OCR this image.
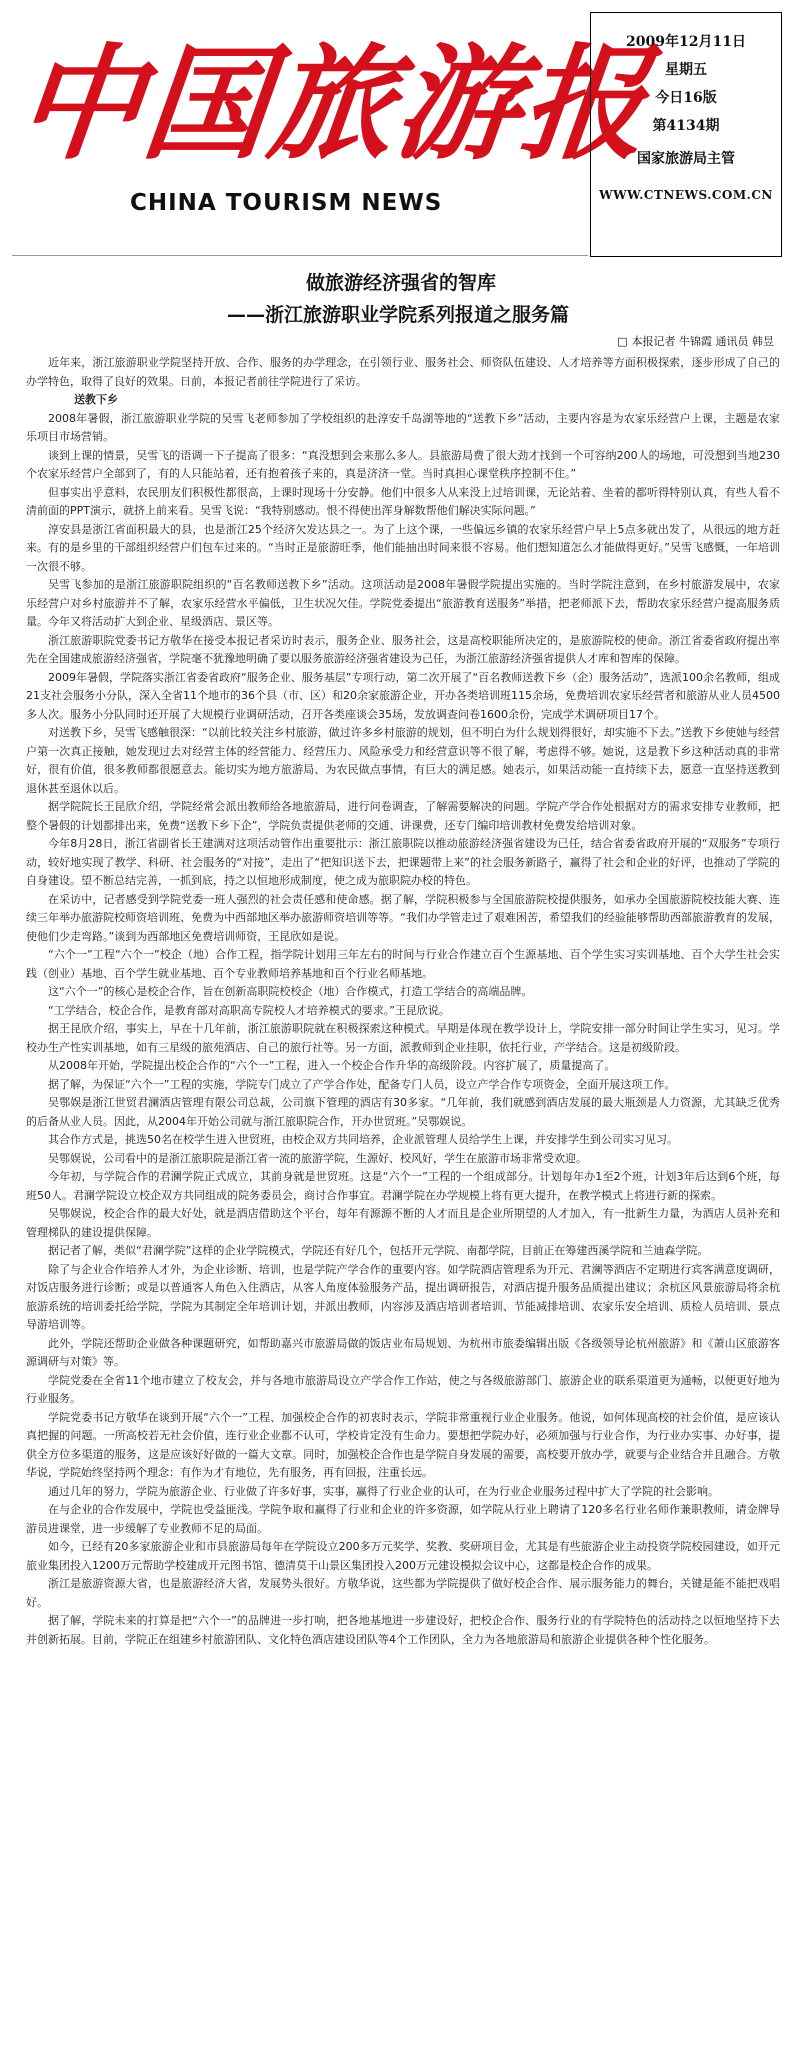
中国旅游报
CHINA TOURISM NEWS
2009年12月11日
星期五
今日16版
第4134期
国家旅游局主管
WWW.CTNEWS.COM.CN
做旅游经济强省的智库
——浙江旅游职业学院系列报道之服务篇
□ 本报记者 牛锦霞 通讯员 韩昱

近年来，浙江旅游职业学院坚持开放、合作、服务的办学理念，在引领行业、服务社会、师资队伍建设、人才培养等方面积极探索，逐步形成了自己的办学特色，取得了良好的效果。日前，本报记者前往学院进行了采访。

送教下乡

2008年暑假，浙江旅游职业学院的吴雪飞老师参加了学校组织的赴淳安千岛湖等地的“送教下乡”活动，主要内容是为农家乐经营户上课，主题是农家乐项目市场营销。

谈到上课的情景，吴雪飞的语调一下子提高了很多：“真没想到会来那么多人。县旅游局费了很大劲才找到一个可容纳200人的场地，可没想到当地230个农家乐经营户全部到了，有的人只能站着，还有抱着孩子来的，真是济济一堂。当时真担心课堂秩序控制不住。”

但事实出乎意料，农民朋友们积极性都很高，上课时现场十分安静。他们中很多人从来没上过培训课，无论站着、坐着的都听得特别认真，有些人看不清前面的PPT演示，就挤上前来看。吴雪飞说：“我特别感动。恨不得使出浑身解数帮他们解决实际问题。”

淳安县是浙江省面积最大的县，也是浙江25个经济欠发达县之一。为了上这个课，一些偏远乡镇的农家乐经营户早上5点多就出发了，从很远的地方赶来。有的是乡里的干部组织经营户们包车过来的。“当时正是旅游旺季，他们能抽出时间来很不容易。他们想知道怎么才能做得更好。”吴雪飞感慨，一年培训一次很不够。

吴雪飞参加的是浙江旅游职院组织的“百名教师送教下乡”活动。这项活动是2008年暑假学院提出实施的。当时学院注意到，在乡村旅游发展中，农家乐经营户对乡村旅游并不了解，农家乐经营水平偏低，卫生状况欠佳。学院党委提出“旅游教育送服务”举措，把老师派下去，帮助农家乐经营户提高服务质量。今年又将活动扩大到企业、星级酒店、景区等。

浙江旅游职院党委书记方敬华在接受本报记者采访时表示，服务企业、服务社会，这是高校职能所决定的，是旅游院校的使命。浙江省委省政府提出率先在全国建成旅游经济强省，学院毫不犹豫地明确了要以服务旅游经济强省建设为己任，为浙江旅游经济强省提供人才库和智库的保障。

2009年暑假，学院落实浙江省委省政府“服务企业、服务基层”专项行动，第二次开展了“百名教师送教下乡（企）服务活动”，选派100余名教师，组成21支社会服务小分队，深入全省11个地市的36个县（市、区）和20余家旅游企业，开办各类培训班115余场，免费培训农家乐经营者和旅游从业人员4500多人次。服务小分队同时还开展了大规模行业调研活动，召开各类座谈会35场，发放调查问卷1600余份，完成学术调研项目17个。

对送教下乡，吴雪飞感触很深：“以前比较关注乡村旅游，做过许多乡村旅游的规划，但不明白为什么规划得很好，却实施不下去。”送教下乡使她与经营户第一次真正接触，她发现过去对经营主体的经营能力、经营压力、风险承受力和经营意识等不很了解，考虑得不够。她说，这是教下乡这种活动真的非常好，很有价值，很多教师都很愿意去。能切实为地方旅游局、为农民做点事情，有巨大的满足感。她表示，如果活动能一直持续下去，愿意一直坚持送教到退休甚至退休以后。

据学院院长王昆欣介绍，学院经常会派出教师给各地旅游局，进行问卷调查，了解需要解决的问题。学院产学合作处根据对方的需求安排专业教师，把整个暑假的计划都排出来，免费“送教下乡下企”，学院负责提供老师的交通、讲课费，还专门编印培训教材免费发给培训对象。

今年8月28日，浙江省副省长王建满对这项活动管作出重要批示：浙江旅职院以推动旅游经济强省建设为已任，结合省委省政府开展的“双服务”专项行动，较好地实现了教学、科研、社会服务的“对接”，走出了“把知识送下去，把课题带上来”的社会服务新路子，赢得了社会和企业的好评，也推动了学院的自身建设。望不断总结完善，一抓到底，持之以恒地形成制度，使之成为旅职院办校的特色。

在采访中，记者感受到学院党委一班人强烈的社会责任感和使命感。据了解，学院积极参与全国旅游院校提供服务，如承办全国旅游院校技能大赛、连续三年举办旅游院校师资培训班、免费为中西部地区举办旅游师资培训等等。“我们办学管走过了艰难困苦，希望我们的经验能够帮助西部旅游教育的发展，使他们少走弯路。”谈到为西部地区免费培训师资，王昆欣如是说。

“六个一”工程“六个一”校企（地）合作工程，指学院计划用三年左右的时间与行业合作建立百个生源基地、百个学生实习实训基地、百个大学生社会实践（创业）基地、百个学生就业基地、百个专业教师培养基地和百个行业名师基地。

这“六个一”的核心是校企合作，旨在创新高职院校校企（地）合作模式，打造工学结合的高端品牌。

“工学结合，校企合作，是教育部对高职高专院校人才培养模式的要求。”王昆欣说。

据王昆欣介绍，事实上，早在十几年前，浙江旅游职院就在积极探索这种模式。早期是体现在教学设计上，学院安排一部分时间让学生实习，见习。学校办生产性实训基地，如有三星级的旅苑酒店、自己的旅行社等。另一方面，派教师到企业挂职，依托行业，产学结合。这是初级阶段。

从2008年开始，学院提出校企合作的“六个一”工程，进入一个校企合作升华的高级阶段。内容扩展了，质量提高了。

据了解，为保证“六个一”工程的实施，学院专门成立了产学合作处，配备专门人员，设立产学合作专项资金，全面开展这项工作。

吴鄂娱是浙江世贸君澜酒店管理有限公司总裁，公司旗下管理的酒店有30多家。“几年前，我们就感到酒店发展的最大瓶颈是人力资源，尤其缺乏优秀的后备从业人员。因此，从2004年开始公司就与浙江旅职院合作，开办世贸班。”吴鄂娱说。

其合作方式是，挑选50名在校学生进入世贸班，由校企双方共同培养，企业派管理人员给学生上课，并安排学生到公司实习见习。

吴鄂娱说，公司看中的是浙江旅职院是浙江省一流的旅游学院，生源好、校风好，学生在旅游市场非常受欢迎。

今年初，与学院合作的君澜学院正式成立，其前身就是世贸班。这是“六个一”工程的一个组成部分。计划每年办1至2个班，计划3年后达到6个班，每班50人。君澜学院设立校企双方共同组成的院务委员会，商讨合作事宜。君澜学院在办学规模上将有更大提升，在教学模式上将进行新的探索。

吴鄂娱说，校企合作的最大好处，就是酒店借助这个平台，每年有源源不断的人才而且是企业所期望的人才加入，有一批新生力量，为酒店人员补充和管理梯队的建设提供保障。

据记者了解，类似“君澜学院”这样的企业学院模式，学院还有好几个，包括开元学院、南都学院，目前正在筹建西溪学院和兰迪森学院。

除了与企业合作培养人才外，为企业诊断、培训，也是学院产学合作的重要内容。如学院酒店管理系为开元、君澜等酒店不定期进行宾客满意度调研，对饭店服务进行诊断；或是以普通客人角色入住酒店，从客人角度体验服务产品，提出调研报告，对酒店提升服务品质提出建议；余杭区风景旅游局将余杭旅游系统的培训委托给学院，学院为其制定全年培训计划，并派出教师，内容涉及酒店培训者培训、节能减排培训、农家乐安全培训、质检人员培训、景点导游培训等。

此外，学院还帮助企业做各种课题研究，如帮助嘉兴市旅游局做的饭店业布局规划、为杭州市旅委编辑出版《各级领导论杭州旅游》和《萧山区旅游客源调研与对策》等。

学院党委在全省11个地市建立了校友会，并与各地市旅游局设立产学合作工作站，使之与各级旅游部门、旅游企业的联系渠道更为通畅，以便更好地为行业服务。

学院党委书记方敬华在谈到开展“六个一”工程、加强校企合作的初衷时表示，学院非常重视行业企业服务。他说，如何体现高校的社会价值，是应该认真把握的问题。一所高校若无社会价值，连行业企业都不认可，学校肯定没有生命力。要想把学院办好，必须加强与行业合作，为行业办实事、办好事，提供全方位多渠道的服务，这是应该好好做的一篇大文章。同时，加强校企合作也是学院自身发展的需要，高校要开放办学，就要与企业结合并且融合。方敬华说，学院始终坚持两个理念：有作为才有地位，先有服务，再有回报，注重长远。

通过几年的努力，学院为旅游企业、行业做了许多好事，实事，赢得了行业企业的认可，在为行业企业服务过程中扩大了学院的社会影响。

在与企业的合作发展中，学院也受益匪浅。学院争取和赢得了行业和企业的许多资源，如学院从行业上聘请了120多名行业名师作兼职教师，请金牌导游员进课堂，进一步缓解了专业教师不足的局面。

如今，已经有20多家旅游企业和市县旅游局每年在学院设立200多万元奖学、奖教、奖研项目金，尤其是有些旅游企业主动投资学院校园建设，如开元旅业集团投入1200万元帮助学校建成开元图书馆、德清莫干山景区集团投入200万元建设模拟会议中心，这都是校企合作的成果。

浙江是旅游资源大省，也是旅游经济大省，发展势头很好。方敬华说，这些都为学院提供了做好校企合作、展示服务能力的舞台，关键是能不能把戏唱好。

据了解，学院未来的打算是把“六个一”的品牌进一步打响，把各地基地进一步建设好，把校企合作、服务行业的有学院特色的活动持之以恒地坚持下去并创新拓展。目前，学院正在组建乡村旅游团队、文化特色酒店建设团队等4个工作团队，全力为各地旅游局和旅游企业提供各种个性化服务。
